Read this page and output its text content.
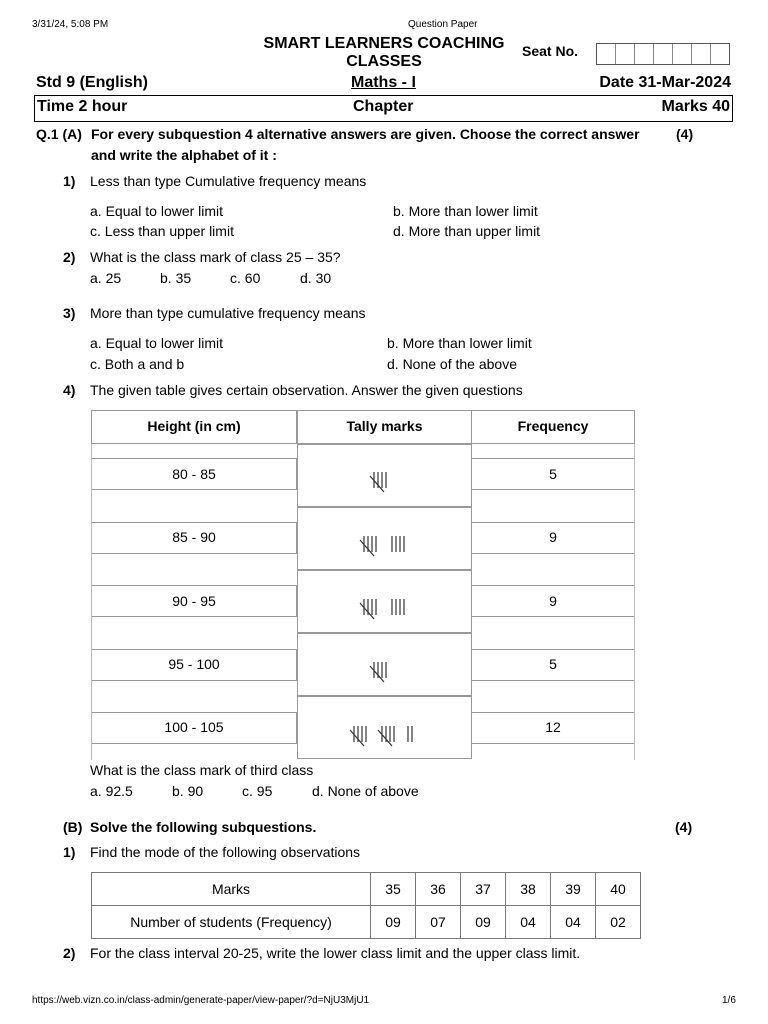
3/31/24, 5:08 PM	Question Paper
SMART LEARNERS COACHING
CLASSES
Seat No.
Std 9 (English)	Maths - I	Date 31-Mar-2024
Time 2 hour	Chapter	Marks 40
Q.1 (A) For every subquestion 4 alternative answers are given. Choose the correct answer
and write the alphabet of it :
(4)
1) Less than type Cumulative frequency means
a. Equal to lower limit	b. More than lower limit
c. Less than upper limit	d. More than upper limit
2) What is the class mark of class 25 – 35?
a. 25	b. 35	c. 60	d. 30
3) More than type cumulative frequency means
a. Equal to lower limit	b. More than lower limit
c. Both a and b	d. None of the above
4) The given table gives certain observation. Answer the given questions
Height (in cm)	Tally marks	Frequency
80 - 85	5
85 - 90	9
90 - 95	9
95 - 100	5
100 - 105	12
What is the class mark of third class
a. 92.5	b. 90	c. 95	d. None of above
(B) Solve the following subquestions.	(4)
1) Find the mode of the following observations
Marks	35	36	37	38	39	40
Number of students (Frequency)	09	07	09	04	04	02
2) For the class interval 20-25, write the lower class limit and the upper class limit.
https://web.vizn.co.in/class-admin/generate-paper/view-paper/?d=NjU3MjU1	1/6
